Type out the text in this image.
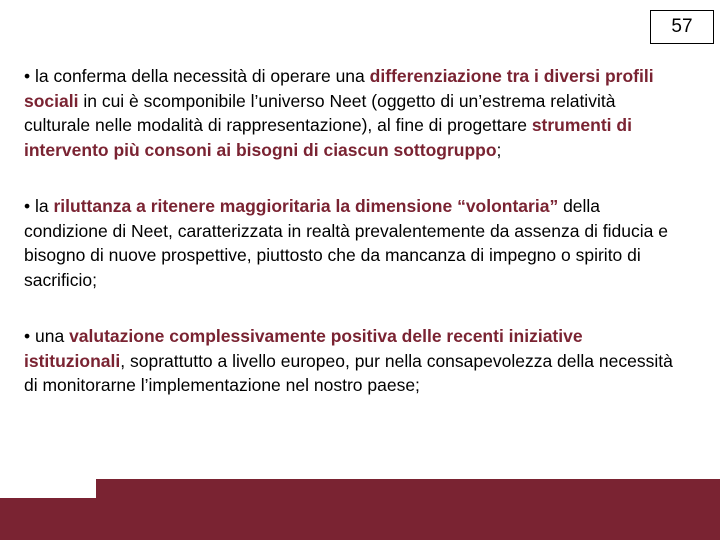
57

• la conferma della necessità di operare una differenziazione tra i diversi profili sociali in cui è scomponibile l’universo Neet (oggetto di un’estrema relatività culturale nelle modalità di rappresentazione), al fine di progettare strumenti di intervento più consoni ai bisogni di ciascun sottogruppo;

• la riluttanza a ritenere maggioritaria la dimensione “volontaria” della condizione di Neet, caratterizzata in realtà prevalentemente da assenza di fiducia e bisogno di nuove prospettive, piuttosto che da mancanza di impegno o spirito di sacrificio;

• una valutazione complessivamente positiva delle recenti iniziative istituzionali, soprattutto a livello europeo, pur nella consapevolezza della necessità di monitorarne l’implementazione nel nostro paese;
